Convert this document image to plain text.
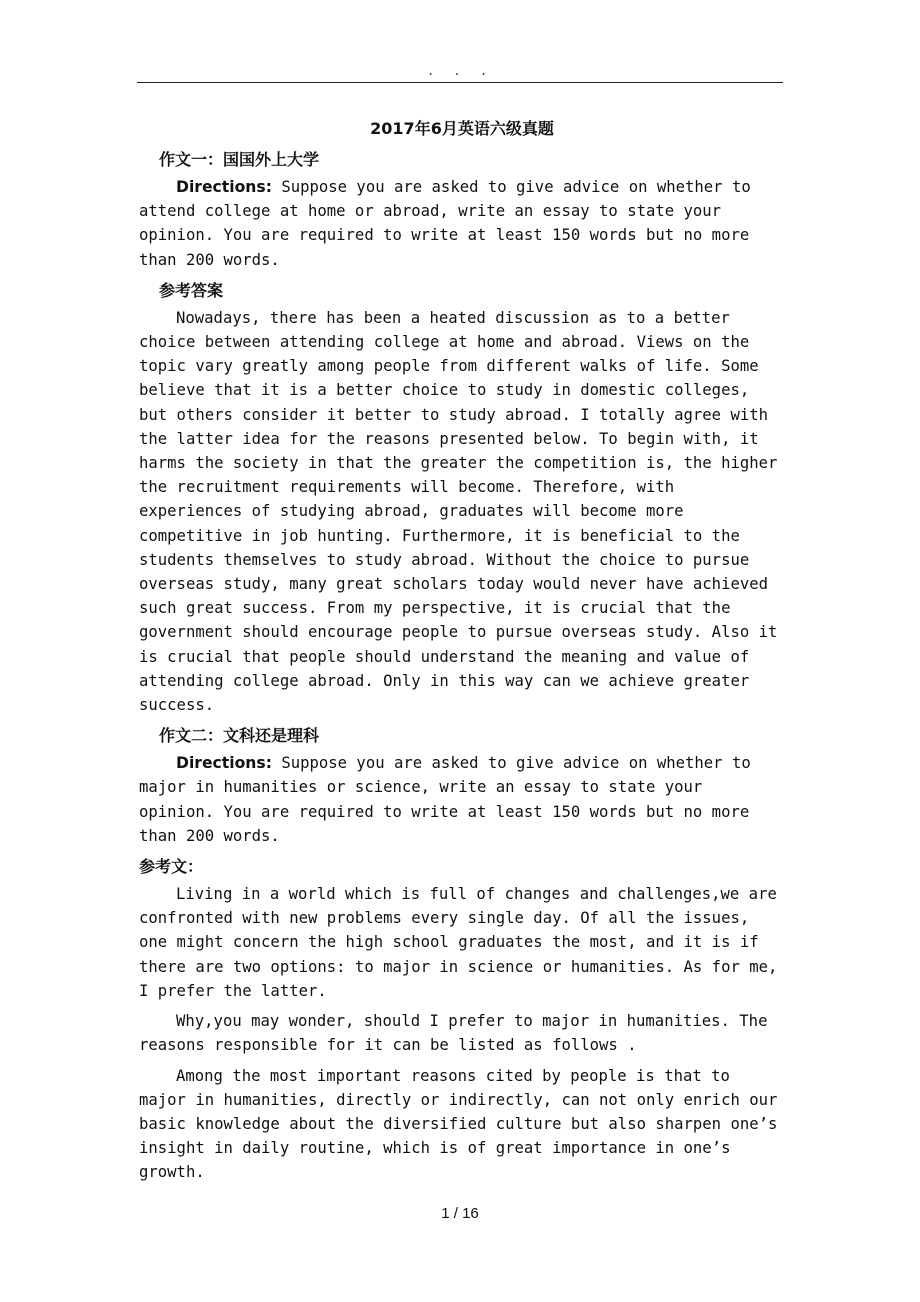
. . .
2017年6月英语六级真题
作文一：国国外上大学

Directions: Suppose you are asked to give advice on whether to attend college at home or abroad, write an essay to state your opinion. You are required to write at least 150 words but no more than 200 words.

参考答案

Nowadays, there has been a heated discussion as to a better choice between attending college at home and abroad. Views on the topic vary greatly among people from different walks of life. Some believe that it is a better choice to study in domestic colleges, but others consider it better to study abroad. I totally agree with the latter idea for the reasons presented below. To begin with, it harms the society in that the greater the competition is, the higher the recruitment requirements will become. Therefore, with experiences of studying abroad, graduates will become more competitive in job hunting. Furthermore, it is beneficial to the students themselves to study abroad. Without the choice to pursue overseas study, many great scholars today would never have achieved such great success. From my perspective, it is crucial that the government should encourage people to pursue overseas study. Also it is crucial that people should understand the meaning and value of attending college abroad. Only in this way can we achieve greater success.

作文二：文科还是理科

Directions: Suppose you are asked to give advice on whether to major in humanities or science, write an essay to state your opinion. You are required to write at least 150 words but no more than 200 words.

参考文：

Living in a world which is full of changes and challenges,we are confronted with new problems every single day. Of all the issues, one might concern the high school graduates the most, and it is if there are two options: to major in science or humanities. As for me, I prefer the latter.

Why,you may wonder, should I prefer to major in humanities. The reasons responsible for it can be listed as follows .

Among the most important reasons cited by people is that to major in humanities, directly or indirectly, can not only enrich our basic knowledge about the diversified culture but also sharpen one’s insight in daily routine, which is of great importance in one’s growth.

1 / 16
